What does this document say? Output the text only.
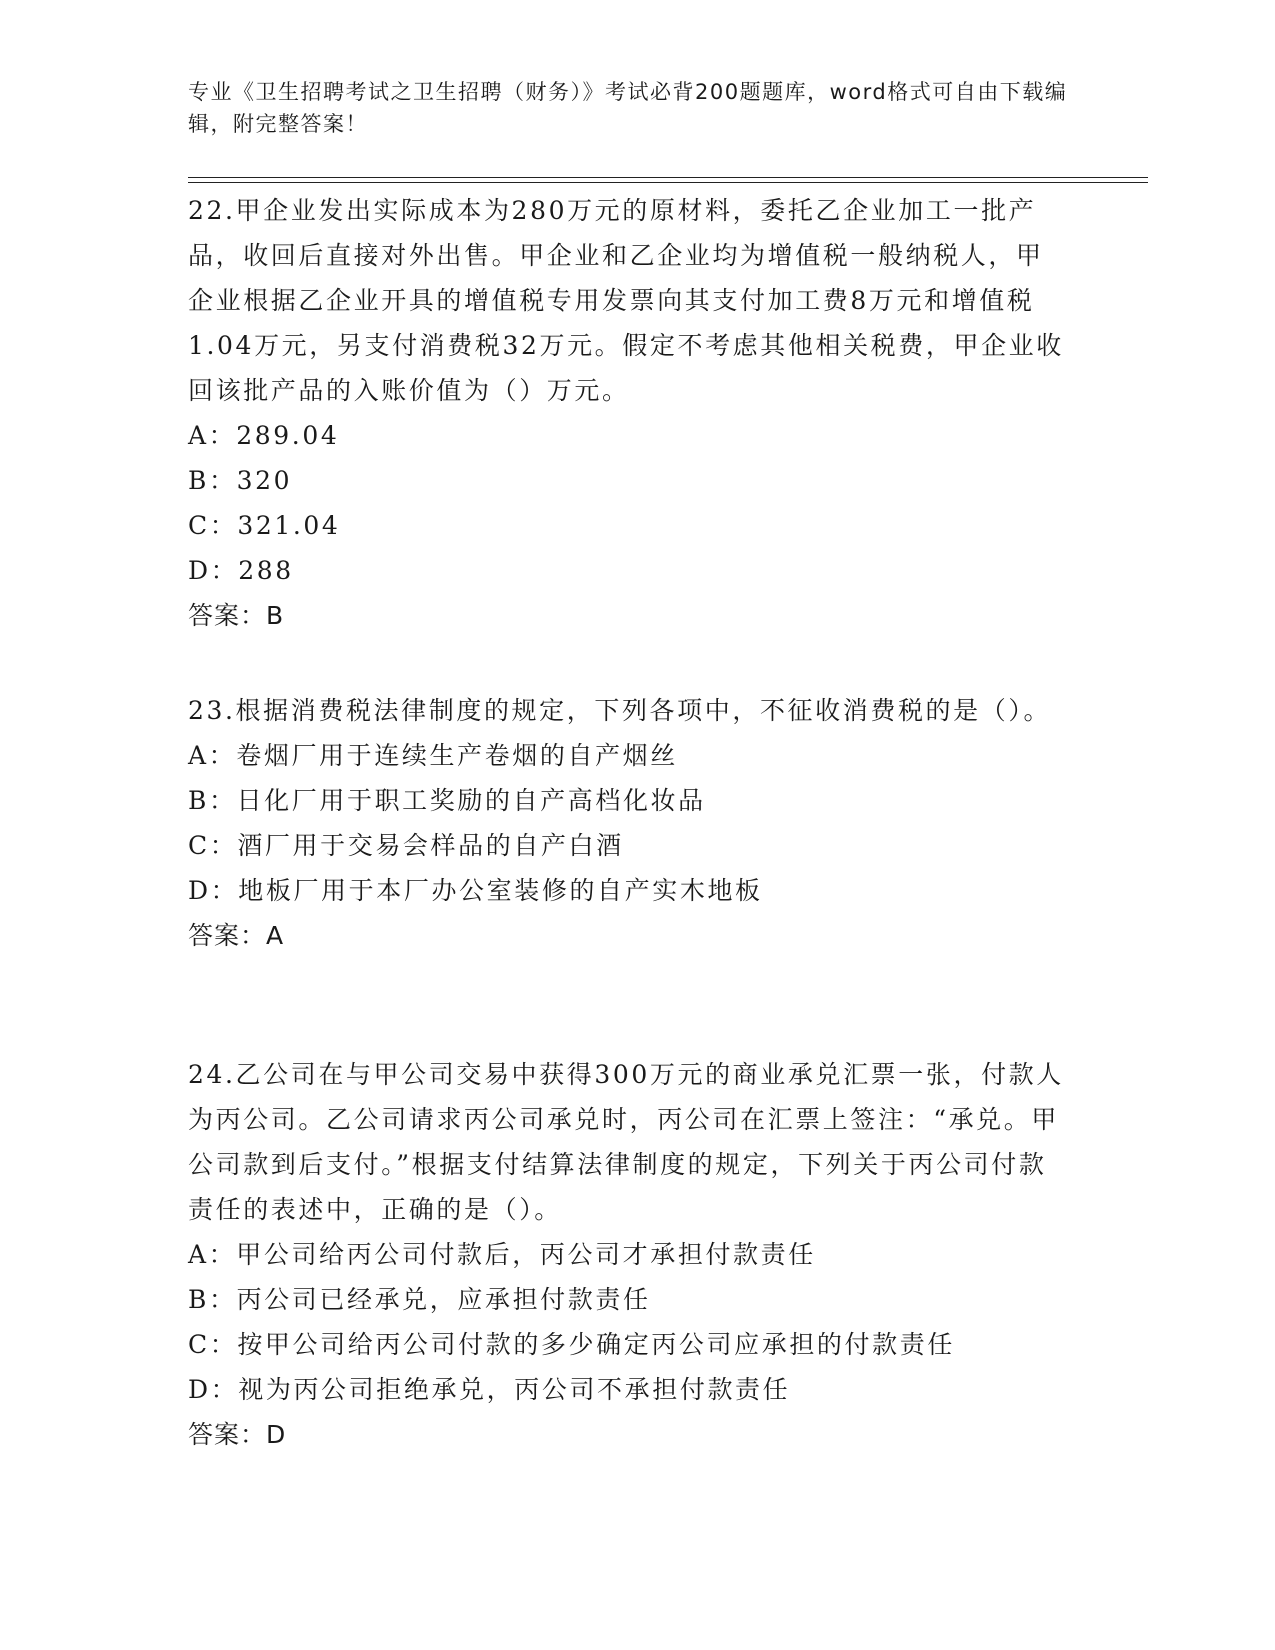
专业《卫生招聘考试之卫生招聘（财务）》考试必背200题题库，word格式可自由下载编辑，附完整答案！

22.甲企业发出实际成本为280万元的原材料，委托乙企业加工一批产品，收回后直接对外出售。甲企业和乙企业均为增值税一般纳税人，甲企业根据乙企业开具的增值税专用发票向其支付加工费8万元和增值税1.04万元，另支付消费税32万元。假定不考虑其他相关税费，甲企业收回该批产品的入账价值为（）万元。

A：289.04

B：320

C：321.04

D：288

答案：B

23.根据消费税法律制度的规定，下列各项中，不征收消费税的是（）。

A：卷烟厂用于连续生产卷烟的自产烟丝

B：日化厂用于职工奖励的自产高档化妆品

C：酒厂用于交易会样品的自产白酒

D：地板厂用于本厂办公室装修的自产实木地板

答案：A

24.乙公司在与甲公司交易中获得300万元的商业承兑汇票一张，付款人为丙公司。乙公司请求丙公司承兑时，丙公司在汇票上签注：“承兑。甲公司款到后支付。”根据支付结算法律制度的规定，下列关于丙公司付款责任的表述中，正确的是（）。

A：甲公司给丙公司付款后，丙公司才承担付款责任

B：丙公司已经承兑，应承担付款责任

C：按甲公司给丙公司付款的多少确定丙公司应承担的付款责任

D：视为丙公司拒绝承兑，丙公司不承担付款责任

答案：D
